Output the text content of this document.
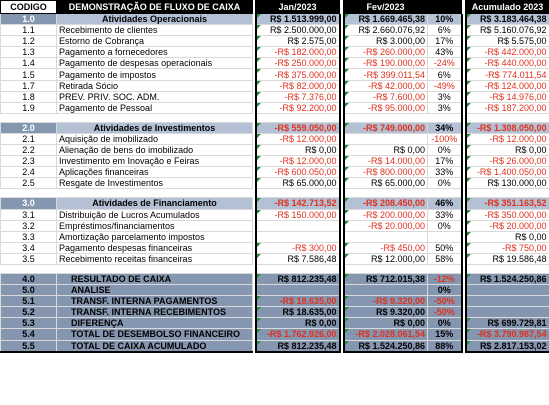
CODIGO	DEMONSTRAÇÃO DE FLUXO DE CAIXA		Jan/2023		Fev/2023			Acumulado 2023
1.0	Atividades Operacionais		R$ 1.513.999,00		R$ 1.669.465,38	10%		R$ 3.183.464,38
1.1	Recebimento de clientes		R$ 2.500.000,00		R$ 2.660.076,92	6%		R$ 5.160.076,92
1.2	Estorno de Cobrança		R$ 2.575,00		R$ 3.000,00	17%		R$ 5.575,00
1.3	Pagamento a fornecedores		-R$ 182.000,00		-R$ 260.000,00	43%		-R$ 442.000,00
1.4	Pagamento de despesas operacionais		-R$ 250.000,00		-R$ 190.000,00	-24%		-R$ 440.000,00
1.5	Pagamento de impostos		-R$ 375.000,00		-R$ 399.011,54	6%		-R$ 774.011,54
1.7	Retirada Sócio		-R$ 82.000,00		-R$ 42.000,00	-49%		-R$ 124.000,00
1.8	PREV. PRIV. SOC. ADM.		-R$ 7.376,00		-R$ 7.600,00	3%		-R$ 14.976,00
1.9	Pagamento de Pessoal		-R$ 92.200,00		-R$ 95.000,00	3%		-R$ 187.200,00

2.0	Atividades de Investimentos		-R$ 559.050,00		-R$ 749.000,00	34%		-R$ 1.308.050,00
2.1	Aquisição de imobilizado		-R$ 12.000,00			-100%		-R$ 12.000,00
2.2	Alienação de bens do imobilizado		R$ 0,00		R$ 0,00	0%		R$ 0,00
2.3	Investimento em Inovação e Feiras		-R$ 12.000,00		-R$ 14.000,00	17%		-R$ 26.000,00
2.4	Aplicações financeiras		-R$ 600.050,00		-R$ 800.000,00	33%		-R$ 1.400.050,00
2.5	Resgate de Investimentos		R$ 65.000,00		R$ 65.000,00	0%		R$ 130.000,00

3.0	Atividades de Financiamento		-R$ 142.713,52		-R$ 208.450,00	46%		-R$ 351.163,52
3.1	Distribuição de Lucros Acumulados		-R$ 150.000,00		-R$ 200.000,00	33%		-R$ 350.000,00
3.2	Empréstimos/financiamentos				-R$ 20.000,00	0%		-R$ 20.000,00
3.3	Amortização parcelamento impostos							R$ 0,00
3.4	Pagamento despesas financeiras		-R$ 300,00		-R$ 450,00	50%		-R$ 750,00
3.5	Recebimento receitas financeiras		R$ 7.586,48		R$ 12.000,00	58%		R$ 19.586,48

4.0	RESULTADO DE CAIXA		R$ 812.235,48		R$ 712.015,38	-12%		R$ 1.524.250,86
5.0	ANALISE					0%		
5.1	TRANSF. INTERNA PAGAMENTOS		-R$ 18.635,00		-R$ 9.320,00	-50%		
5.2	TRANSF. INTERNA RECEBIMENTOS		R$ 18.635,00		R$ 9.320,00	-50%		
5.3	DIFERENÇA		R$ 0,00		R$ 0,00	0%		R$ 699.729,81
5.4	TOTAL DE DESEMBOLSO FINANCEIRO		-R$ 1.762.926,00		-R$ 2.028.061,54	15%		-R$ 3.790.987,54
5.5	TOTAL DE CAIXA ACUMULADO		R$ 812.235,48		R$ 1.524.250,86	88%		R$ 2.817.153,02
